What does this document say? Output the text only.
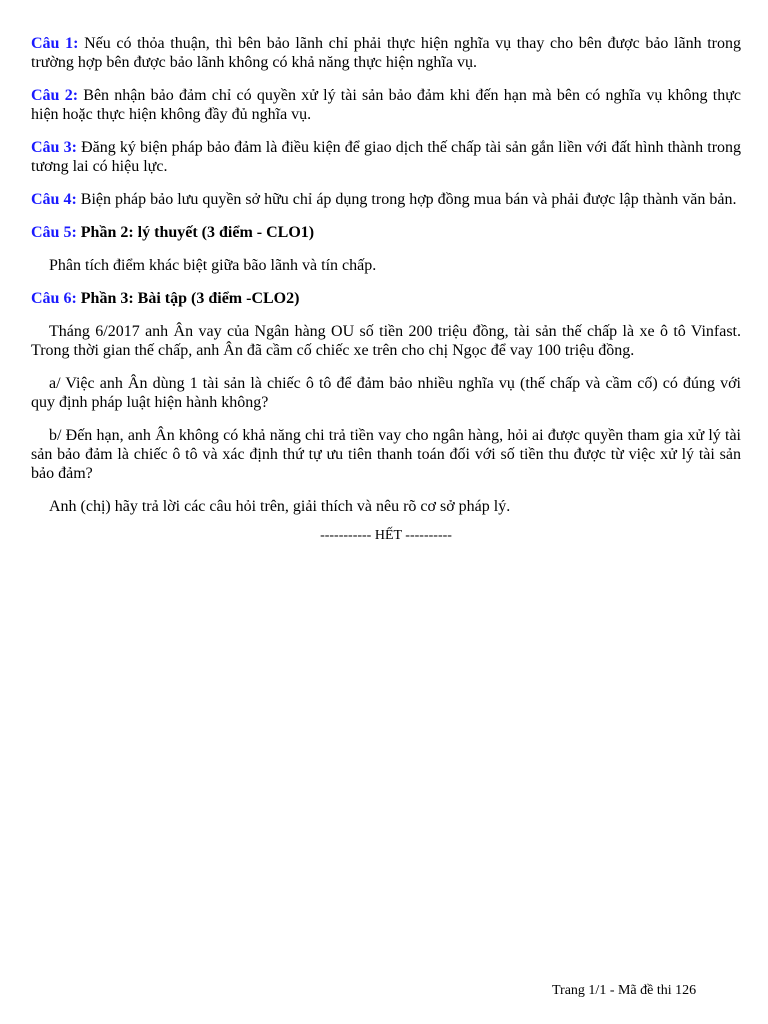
Câu 1: Nếu có thỏa thuận, thì bên bảo lãnh chỉ phải thực hiện nghĩa vụ thay cho bên được bảo lãnh trong trường hợp bên được bảo lãnh không có khả năng thực hiện nghĩa vụ.

Câu 2: Bên nhận bảo đảm chỉ có quyền xử lý tài sản bảo đảm khi đến hạn mà bên có nghĩa vụ không thực hiện hoặc thực hiện không đầy đủ nghĩa vụ.

Câu 3: Đăng ký biện pháp bảo đảm là điều kiện để giao dịch thế chấp tài sản gắn liền với đất hình thành trong tương lai có hiệu lực.

Câu 4: Biện pháp bảo lưu quyền sở hữu chỉ áp dụng trong hợp đồng mua bán và phải được lập thành văn bản.

Câu 5: Phần 2: lý thuyết (3 điểm - CLO1)

Phân tích điểm khác biệt giữa bão lãnh và tín chấp.

Câu 6: Phần 3: Bài tập (3 điểm -CLO2)

Tháng 6/2017 anh Ân vay của Ngân hàng OU số tiền 200 triệu đồng, tài sản thế chấp là xe ô tô Vinfast. Trong thời gian thế chấp, anh Ân đã cầm cố chiếc xe trên cho chị Ngọc để vay 100 triệu đồng.

a/ Việc anh Ân dùng 1 tài sản là chiếc ô tô để đảm bảo nhiều nghĩa vụ (thế chấp và cầm cố) có đúng với quy định pháp luật hiện hành không?

b/ Đến hạn, anh Ân không có khả năng chi trả tiền vay cho ngân hàng, hỏi ai được quyền tham gia xử lý tài sản bảo đảm là chiếc ô tô và xác định thứ tự ưu tiên thanh toán đối với số tiền thu được từ việc xử lý tài sản bảo đảm?

Anh (chị) hãy trả lời các câu hỏi trên, giải thích và nêu rõ cơ sở pháp lý.

----------- HẾT ----------

Trang 1/1 - Mã đề thi 126
